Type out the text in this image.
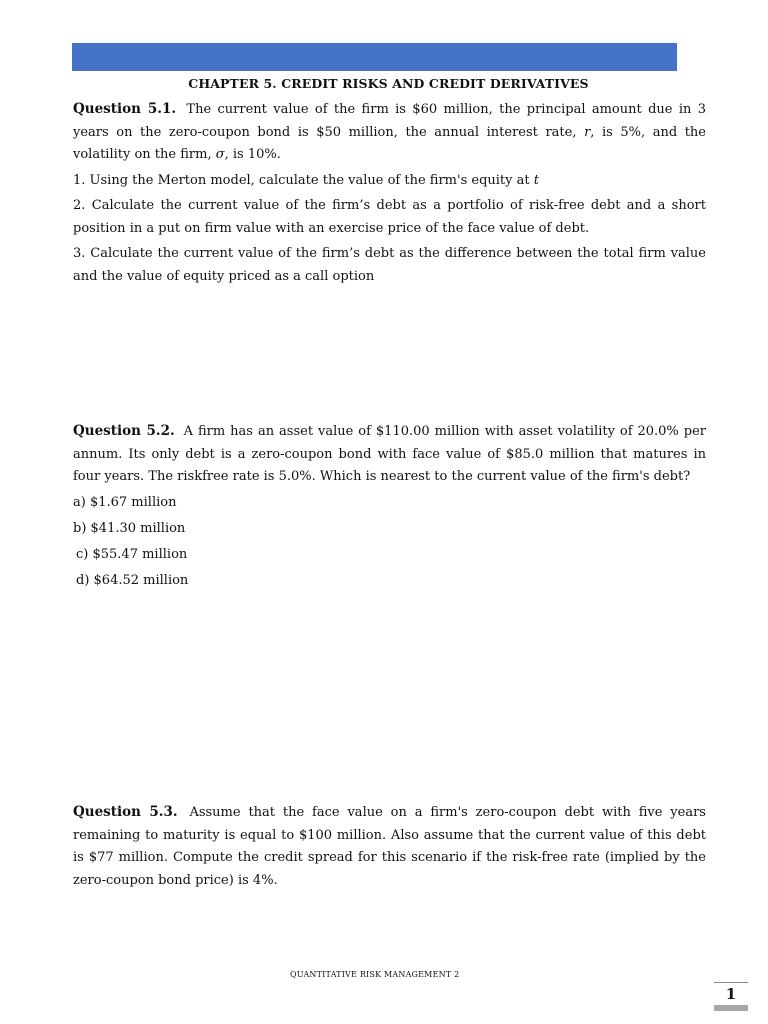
CHAPTER 5. CREDIT RISKS AND CREDIT DERIVATIVES

Question 5.1. The current value of the firm is $60 million, the principal amount due in 3 years on the zero-coupon bond is $50 million, the annual interest rate, r, is 5%, and the volatility on the firm, σ, is 10%.

1. Using the Merton model, calculate the value of the firm's equity at t

2. Calculate the current value of the firm’s debt as a portfolio of risk-free debt and a short position in a put on firm value with an exercise price of the face value of debt.

3. Calculate the current value of the firm’s debt as the difference between the total firm value and the value of equity priced as a call option

Question 5.2. A firm has an asset value of $110.00 million with asset volatility of 20.0% per annum. Its only debt is a zero-coupon bond with face value of $85.0 million that matures in four years. The riskfree rate is 5.0%. Which is nearest to the current value of the firm's debt?

a) $1.67 million

b) $41.30 million

c) $55.47 million

d) $64.52 million

Question 5.3. Assume that the face value on a firm's zero-coupon debt with five years remaining to maturity is equal to $100 million. Also assume that the current value of this debt is $77 million. Compute the credit spread for this scenario if the risk-free rate (implied by the zero-coupon bond price) is 4%.

QUANTITATIVE RISK MANAGEMENT 2
1
